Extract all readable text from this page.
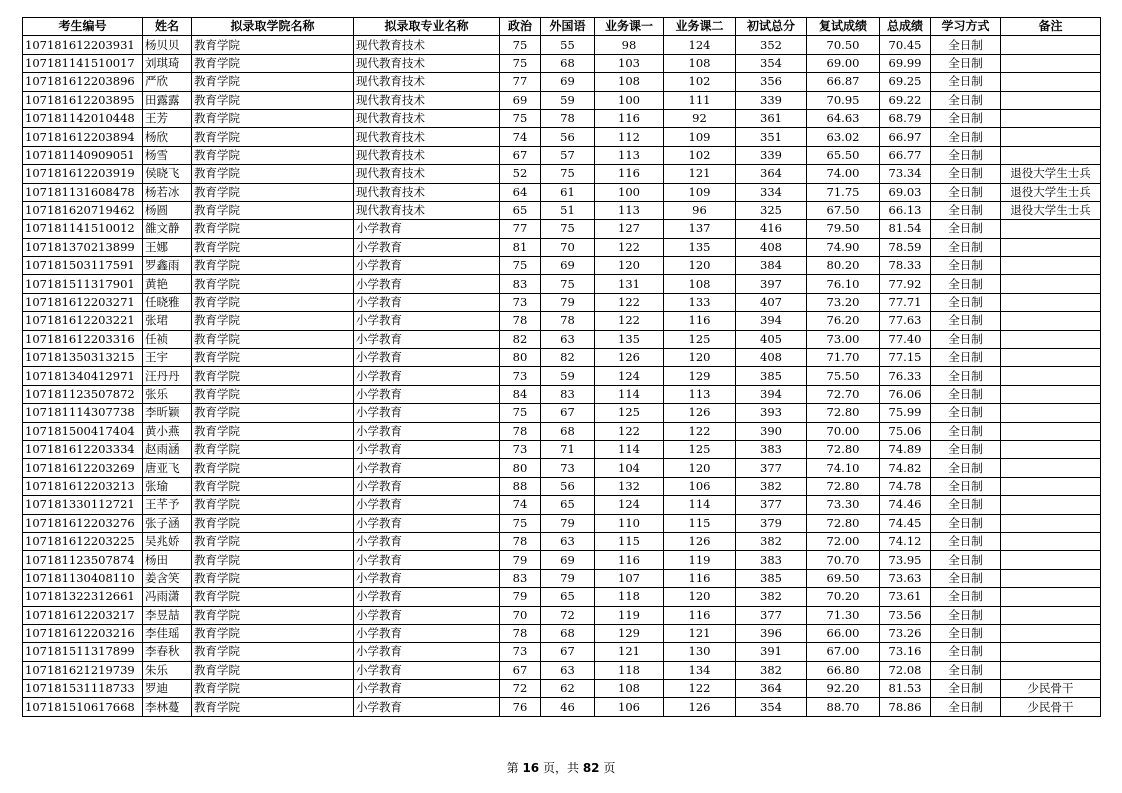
考生编号	姓名	拟录取学院名称	拟录取专业名称	政治	外国语	业务课一	业务课二	初试总分	复试成绩	总成绩	学习方式	备注
107181612203931	杨贝贝	教育学院	现代教育技术	75	55	98	124	352	70.50	70.45	全日制	
107181141510017	刘琪琦	教育学院	现代教育技术	75	68	103	108	354	69.00	69.99	全日制	
107181612203896	严欣	教育学院	现代教育技术	77	69	108	102	356	66.87	69.25	全日制	
107181612203895	田露露	教育学院	现代教育技术	69	59	100	111	339	70.95	69.22	全日制	
107181142010448	王芳	教育学院	现代教育技术	75	78	116	92	361	64.63	68.79	全日制	
107181612203894	杨欣	教育学院	现代教育技术	74	56	112	109	351	63.02	66.97	全日制	
107181140909051	杨雪	教育学院	现代教育技术	67	57	113	102	339	65.50	66.77	全日制	
107181612203919	侯晓飞	教育学院	现代教育技术	52	75	116	121	364	74.00	73.34	全日制	退役大学生士兵
107181131608478	杨若冰	教育学院	现代教育技术	64	61	100	109	334	71.75	69.03	全日制	退役大学生士兵
107181620719462	杨圆	教育学院	现代教育技术	65	51	113	96	325	67.50	66.13	全日制	退役大学生士兵
107181141510012	雒文静	教育学院	小学教育	77	75	127	137	416	79.50	81.54	全日制	
107181370213899	王娜	教育学院	小学教育	81	70	122	135	408	74.90	78.59	全日制	
107181503117591	罗鑫雨	教育学院	小学教育	75	69	120	120	384	80.20	78.33	全日制	
107181511317901	黄艳	教育学院	小学教育	83	75	131	108	397	76.10	77.92	全日制	
107181612203271	任晓雅	教育学院	小学教育	73	79	122	133	407	73.20	77.71	全日制	
107181612203221	张珺	教育学院	小学教育	78	78	122	116	394	76.20	77.63	全日制	
107181612203316	任祯	教育学院	小学教育	82	63	135	125	405	73.00	77.40	全日制	
107181350313215	王宇	教育学院	小学教育	80	82	126	120	408	71.70	77.15	全日制	
107181340412971	汪丹丹	教育学院	小学教育	73	59	124	129	385	75.50	76.33	全日制	
107181123507872	张乐	教育学院	小学教育	84	83	114	113	394	72.70	76.06	全日制	
107181114307738	李昕颖	教育学院	小学教育	75	67	125	126	393	72.80	75.99	全日制	
107181500417404	黄小燕	教育学院	小学教育	78	68	122	122	390	70.00	75.06	全日制	
107181612203334	赵雨涵	教育学院	小学教育	73	71	114	125	383	72.80	74.89	全日制	
107181612203269	唐亚飞	教育学院	小学教育	80	73	104	120	377	74.10	74.82	全日制	
107181612203213	张瑜	教育学院	小学教育	88	56	132	106	382	72.80	74.78	全日制	
107181330112721	王芊予	教育学院	小学教育	74	65	124	114	377	73.30	74.46	全日制	
107181612203276	张子涵	教育学院	小学教育	75	79	110	115	379	72.80	74.45	全日制	
107181612203225	吴兆娇	教育学院	小学教育	78	63	115	126	382	72.00	74.12	全日制	
107181123507874	杨田	教育学院	小学教育	79	69	116	119	383	70.70	73.95	全日制	
107181130408110	姜含笑	教育学院	小学教育	83	79	107	116	385	69.50	73.63	全日制	
107181322312661	冯雨潇	教育学院	小学教育	79	65	118	120	382	70.20	73.61	全日制	
107181612203217	李昱喆	教育学院	小学教育	70	72	119	116	377	71.30	73.56	全日制	
107181612203216	李佳瑶	教育学院	小学教育	78	68	129	121	396	66.00	73.26	全日制	
107181511317899	李春秋	教育学院	小学教育	73	67	121	130	391	67.00	73.16	全日制	
107181621219739	朱乐	教育学院	小学教育	67	63	118	134	382	66.80	72.08	全日制	
107181531118733	罗迪	教育学院	小学教育	72	62	108	122	364	92.20	81.53	全日制	少民骨干
107181510617668	李林蔓	教育学院	小学教育	76	46	106	126	354	88.70	78.86	全日制	少民骨干
第 16 页，共 82 页
